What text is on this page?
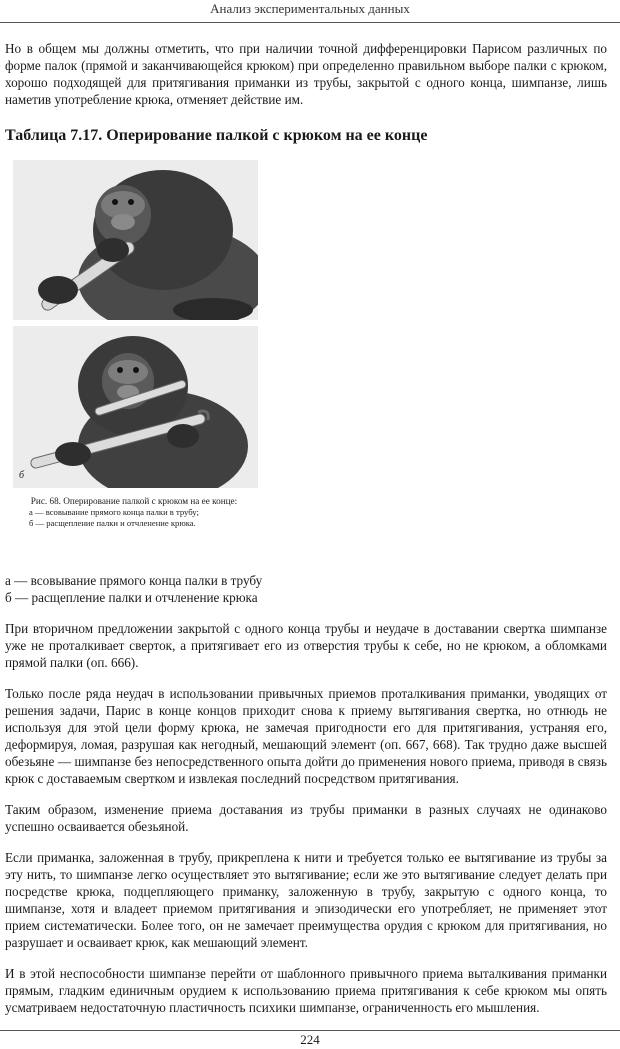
Анализ экспериментальных данных

Но в общем мы должны отметить, что при наличии точной дифференцировки Парисом различных по форме палок (прямой и заканчивающейся крюком) при определенно правильном выборе палки с крюком, хорошо подходящей для притягивания приманки из трубы, закрытой с одного конца, шимпанзе, лишь наметив употребление крюка, отменяет действие им.

Таблица 7.17. Оперирование палкой с крюком на ее конце
б
Рис. 68. Оперирование палкой с крюком на ее конце:
а — всовывание прямого конца палки в трубу;
б — расщепление палки и отчленение крюка.
а — всовывание прямого конца палки в трубу
б — расщепление палки и отчленение крюка

При вторичном предложении закрытой с одного конца трубы и неудаче в доставании свертка шимпанзе уже не проталкивает сверток, а притягивает его из отверстия трубы к себе, но не крюком, а обломками прямой палки (оп. 666).

Только после ряда неудач в использовании привычных приемов проталкивания приманки, уводящих от решения задачи, Парис в конце концов приходит снова к приему вытягивания свертка, но отнюдь не используя для этой цели форму крюка, не замечая пригодности его для притягивания, устраняя его, деформируя, ломая, разрушая как негодный, мешающий элемент (оп. 667, 668). Так трудно даже высшей обезьяне — шимпанзе без непосредственного опыта дойти до применения нового приема, приводя в связь крюк с доставаемым свертком и извлекая последний посредством притягивания.

Таким образом, изменение приема доставания из трубы приманки в разных случаях не одинаково успешно осваивается обезьяной.

Если приманка, заложенная в трубу, прикреплена к нити и требуется только ее вытягивание из трубы за эту нить, то шимпанзе легко осуществляет это вытягивание; если же это вытягивание следует делать при посредстве крюка, подцепляющего приманку, заложенную в трубу, закрытую с одного конца, то шимпанзе, хотя и владеет приемом притягивания и эпизодически его употребляет, не применяет этот прием систематически. Более того, он не замечает преимущества орудия с крюком для притягивания, но разрушает и осваивает крюк, как мешающий элемент.

И в этой неспособности шимпанзе перейти от шаблонного привычного приема выталкивания приманки прямым, гладким единичным орудием к использованию приема притягивания к себе крюком мы опять усматриваем недостаточную пластичность психики шимпанзе, ограниченность его мышления.

224
